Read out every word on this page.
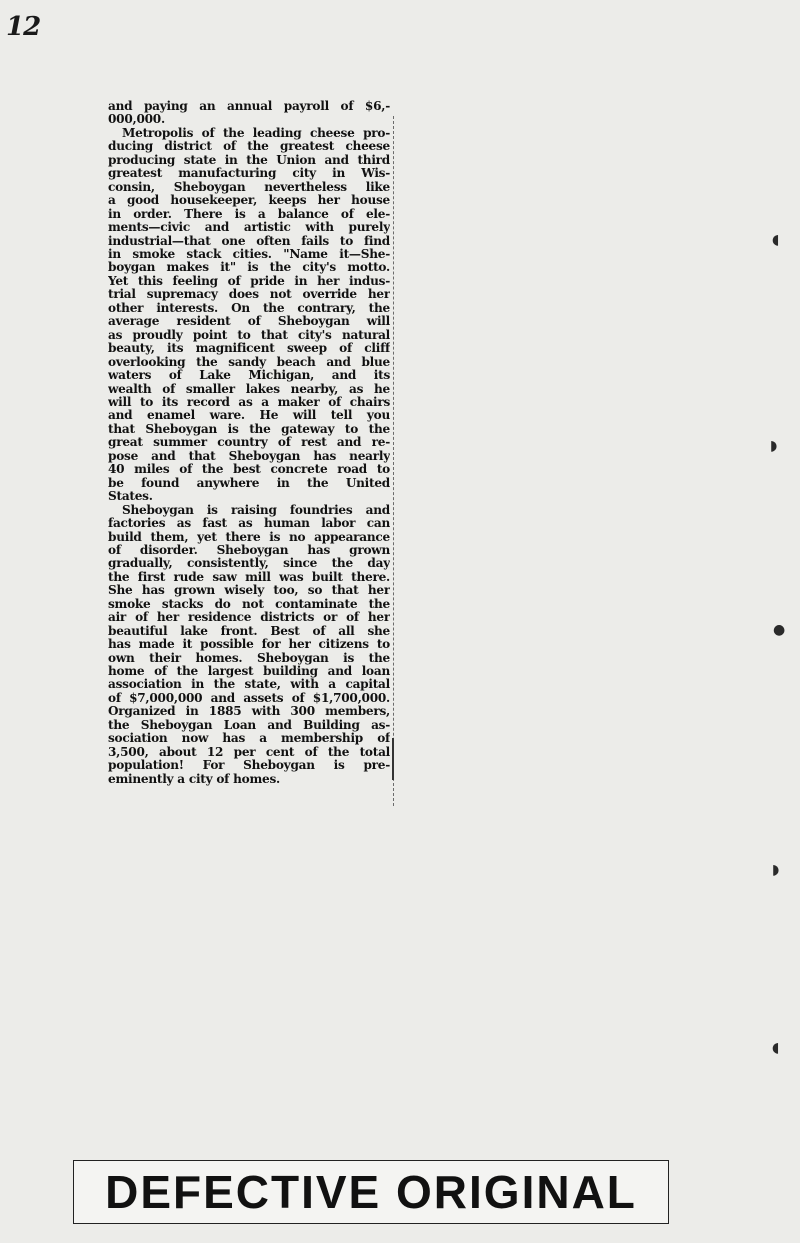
12
and paying an annual payroll of $6,-
000,000.
Metropolis of the leading cheese pro-
ducing district of the greatest cheese
producing state in the Union and third
greatest manufacturing city in Wis-
consin, Sheboygan nevertheless like
a good housekeeper, keeps her house
in order. There is a balance of ele-
ments—civic and artistic with purely
industrial—that one often fails to find
in smoke stack cities. "Name it—She-
boygan makes it" is the city's motto.
Yet this feeling of pride in her indus-
trial supremacy does not override her
other interests. On the contrary, the
average resident of Sheboygan will
as proudly point to that city's natural
beauty, its magnificent sweep of cliff
overlooking the sandy beach and blue
waters of Lake Michigan, and its
wealth of smaller lakes nearby, as he
will to its record as a maker of chairs
and enamel ware. He will tell you
that Sheboygan is the gateway to the
great summer country of rest and re-
pose and that Sheboygan has nearly
40 miles of the best concrete road to
be found anywhere in the United
States.
Sheboygan is raising foundries and
factories as fast as human labor can
build them, yet there is no appearance
of disorder. Sheboygan has grown
gradually, consistently, since the day
the first rude saw mill was built there.
She has grown wisely too, so that her
smoke stacks do not contaminate the
air of her residence districts or of her
beautiful lake front. Best of all she
has made it possible for her citizens to
own their homes. Sheboygan is the
home of the largest building and loan
association in the state, with a capital
of $7,000,000 and assets of $1,700,000.
Organized in 1885 with 300 members,
the Sheboygan Loan and Building as-
sociation now has a membership of
3,500, about 12 per cent of the total
population! For Sheboygan is pre-
eminently a city of homes.
◖
◗
●
◗
◖
DEFECTIVE ORIGINAL
